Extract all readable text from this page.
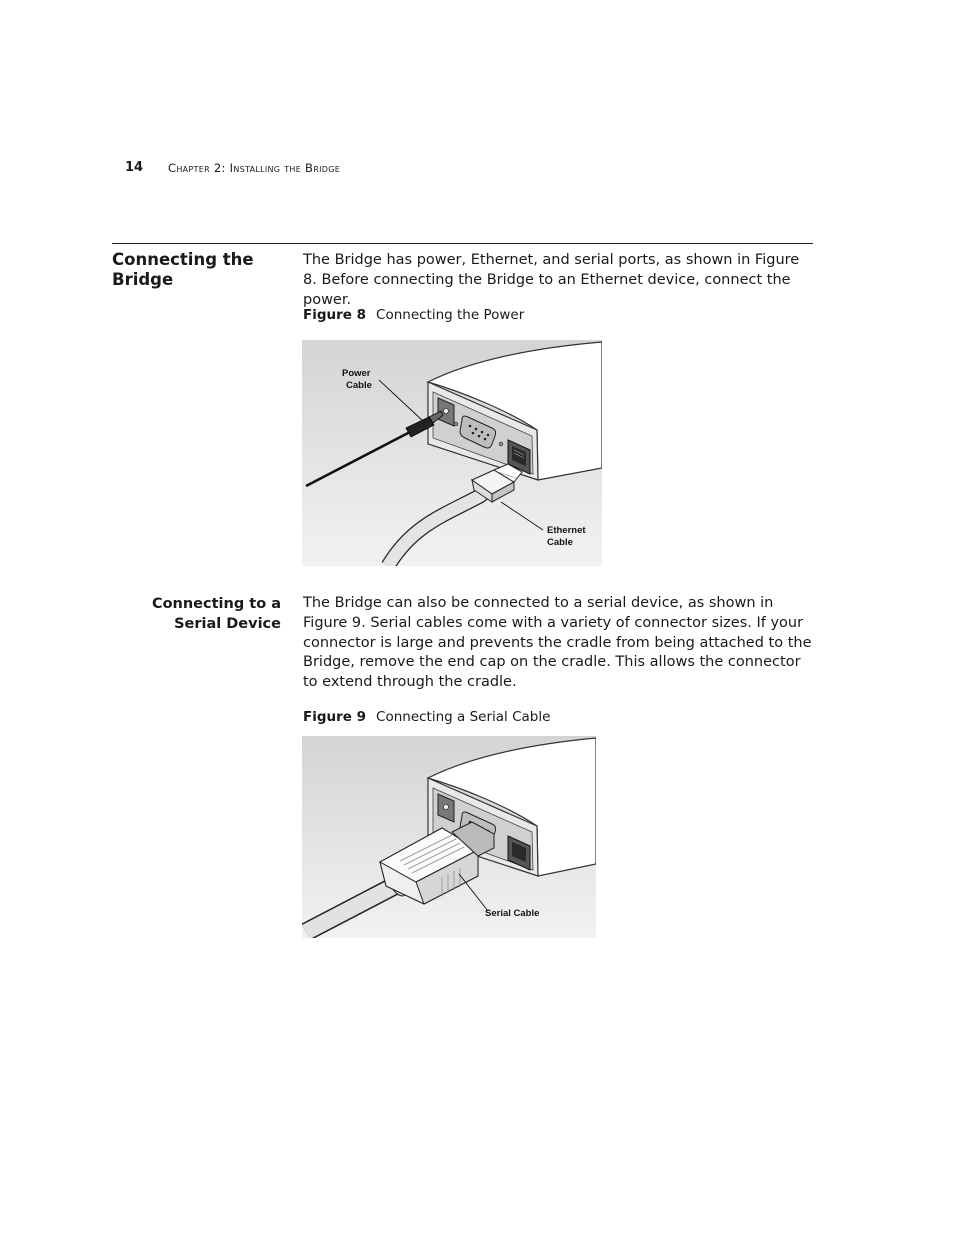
14 Chapter 2: Installing the Bridge
Connecting the Bridge
The Bridge has power, Ethernet, and serial ports, as shown in Figure 8. Before connecting the Bridge to an Ethernet device, connect the power.
Figure 8 Connecting the Power
Power
Cable
Ethernet
Cable
Connecting to a Serial Device
The Bridge can also be connected to a serial device, as shown in Figure 9. Serial cables come with a variety of connector sizes. If your connector is large and prevents the cradle from being attached to the Bridge, remove the end cap on the cradle. This allows the connector to extend through the cradle.
Figure 9 Connecting a Serial Cable
Serial Cable
